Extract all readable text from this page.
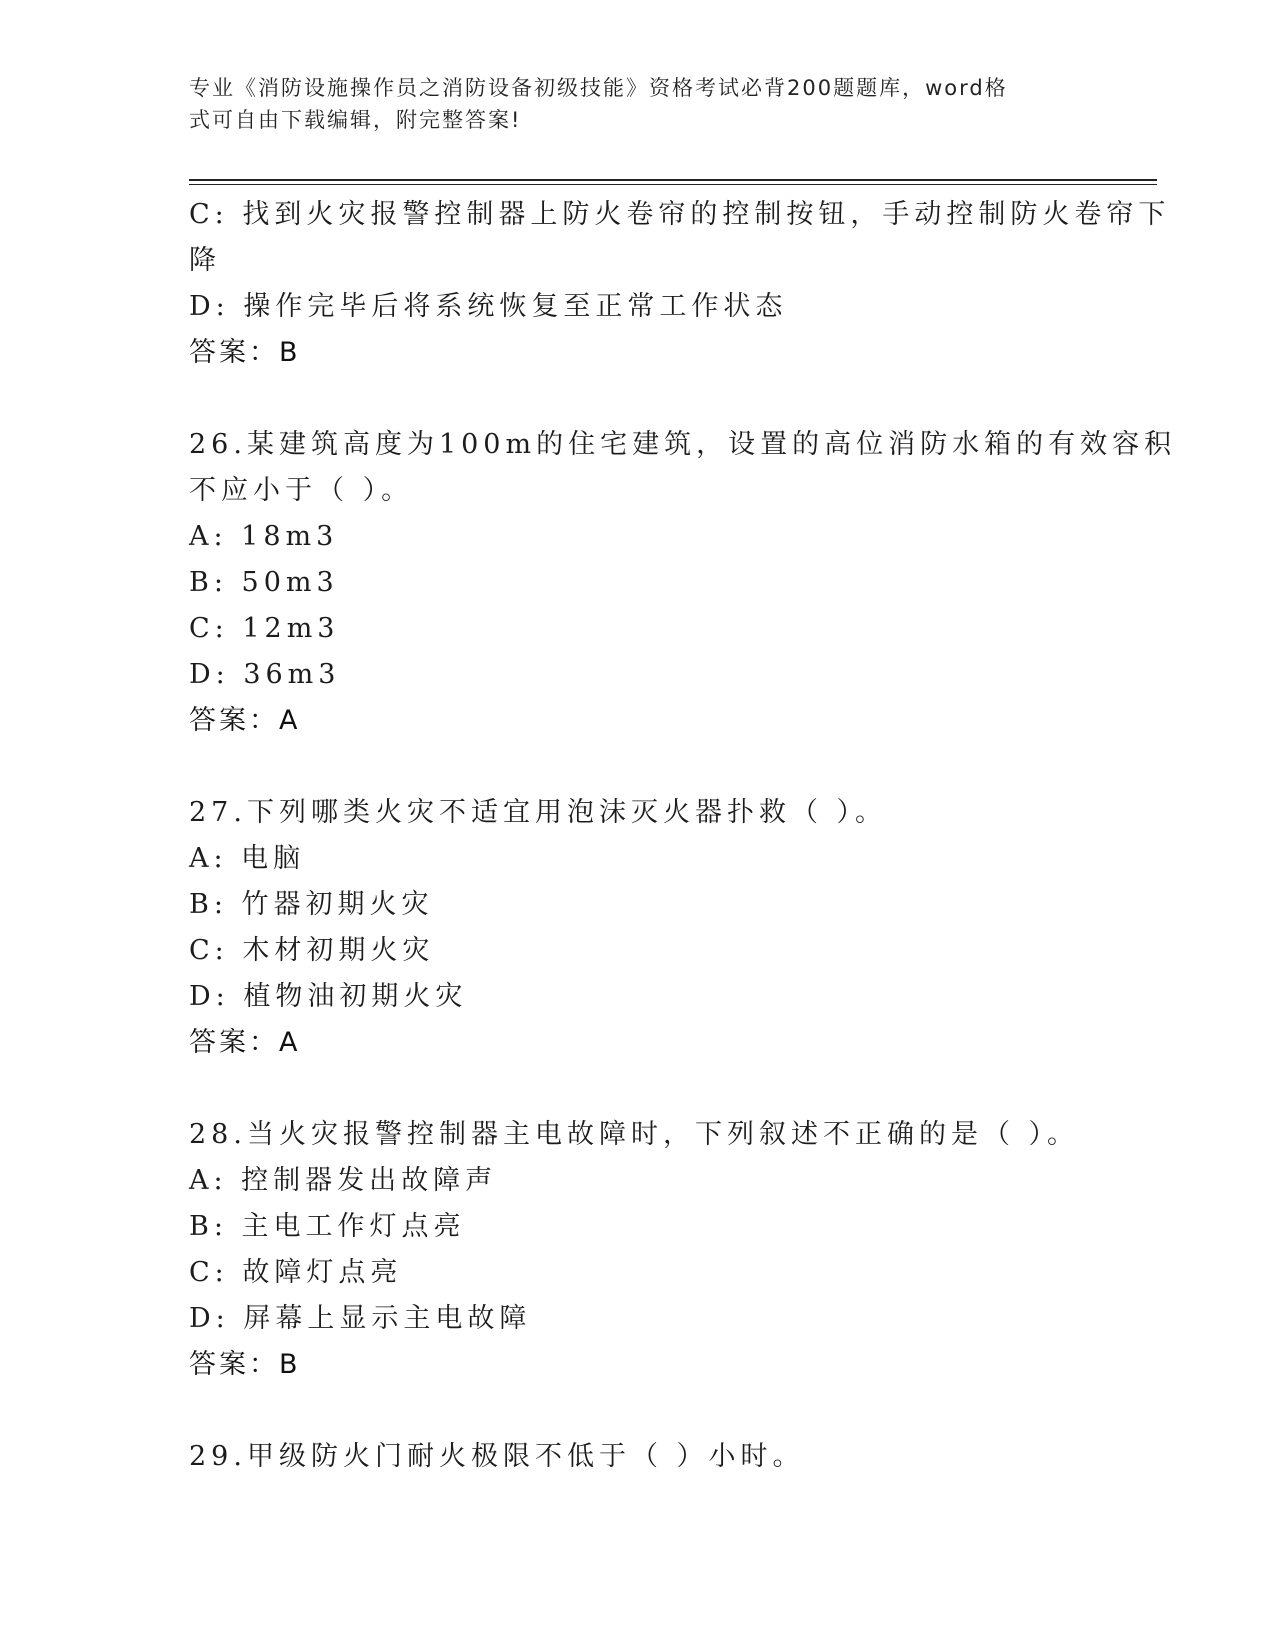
专业《消防设施操作员之消防设备初级技能》资格考试必背200题题库，word格
式可自由下载编辑，附完整答案!
C: 找到火灾报警控制器上防火卷帘的控制按钮，手动控制防火卷帘下
降
D: 操作完毕后将系统恢复至正常工作状态
答案：B
26.某建筑高度为100m的住宅建筑，设置的高位消防水箱的有效容积
不应小于（ ）。
A: 18m3
B: 50m3
C: 12m3
D: 36m3
答案：A
27.下列哪类火灾不适宜用泡沫灭火器扑救（ ）。
A: 电脑
B: 竹器初期火灾
C: 木材初期火灾
D: 植物油初期火灾
答案：A
28.当火灾报警控制器主电故障时，下列叙述不正确的是（ ）。
A: 控制器发出故障声
B: 主电工作灯点亮
C: 故障灯点亮
D: 屏幕上显示主电故障
答案：B
29.甲级防火门耐火极限不低于（ ）小时。
